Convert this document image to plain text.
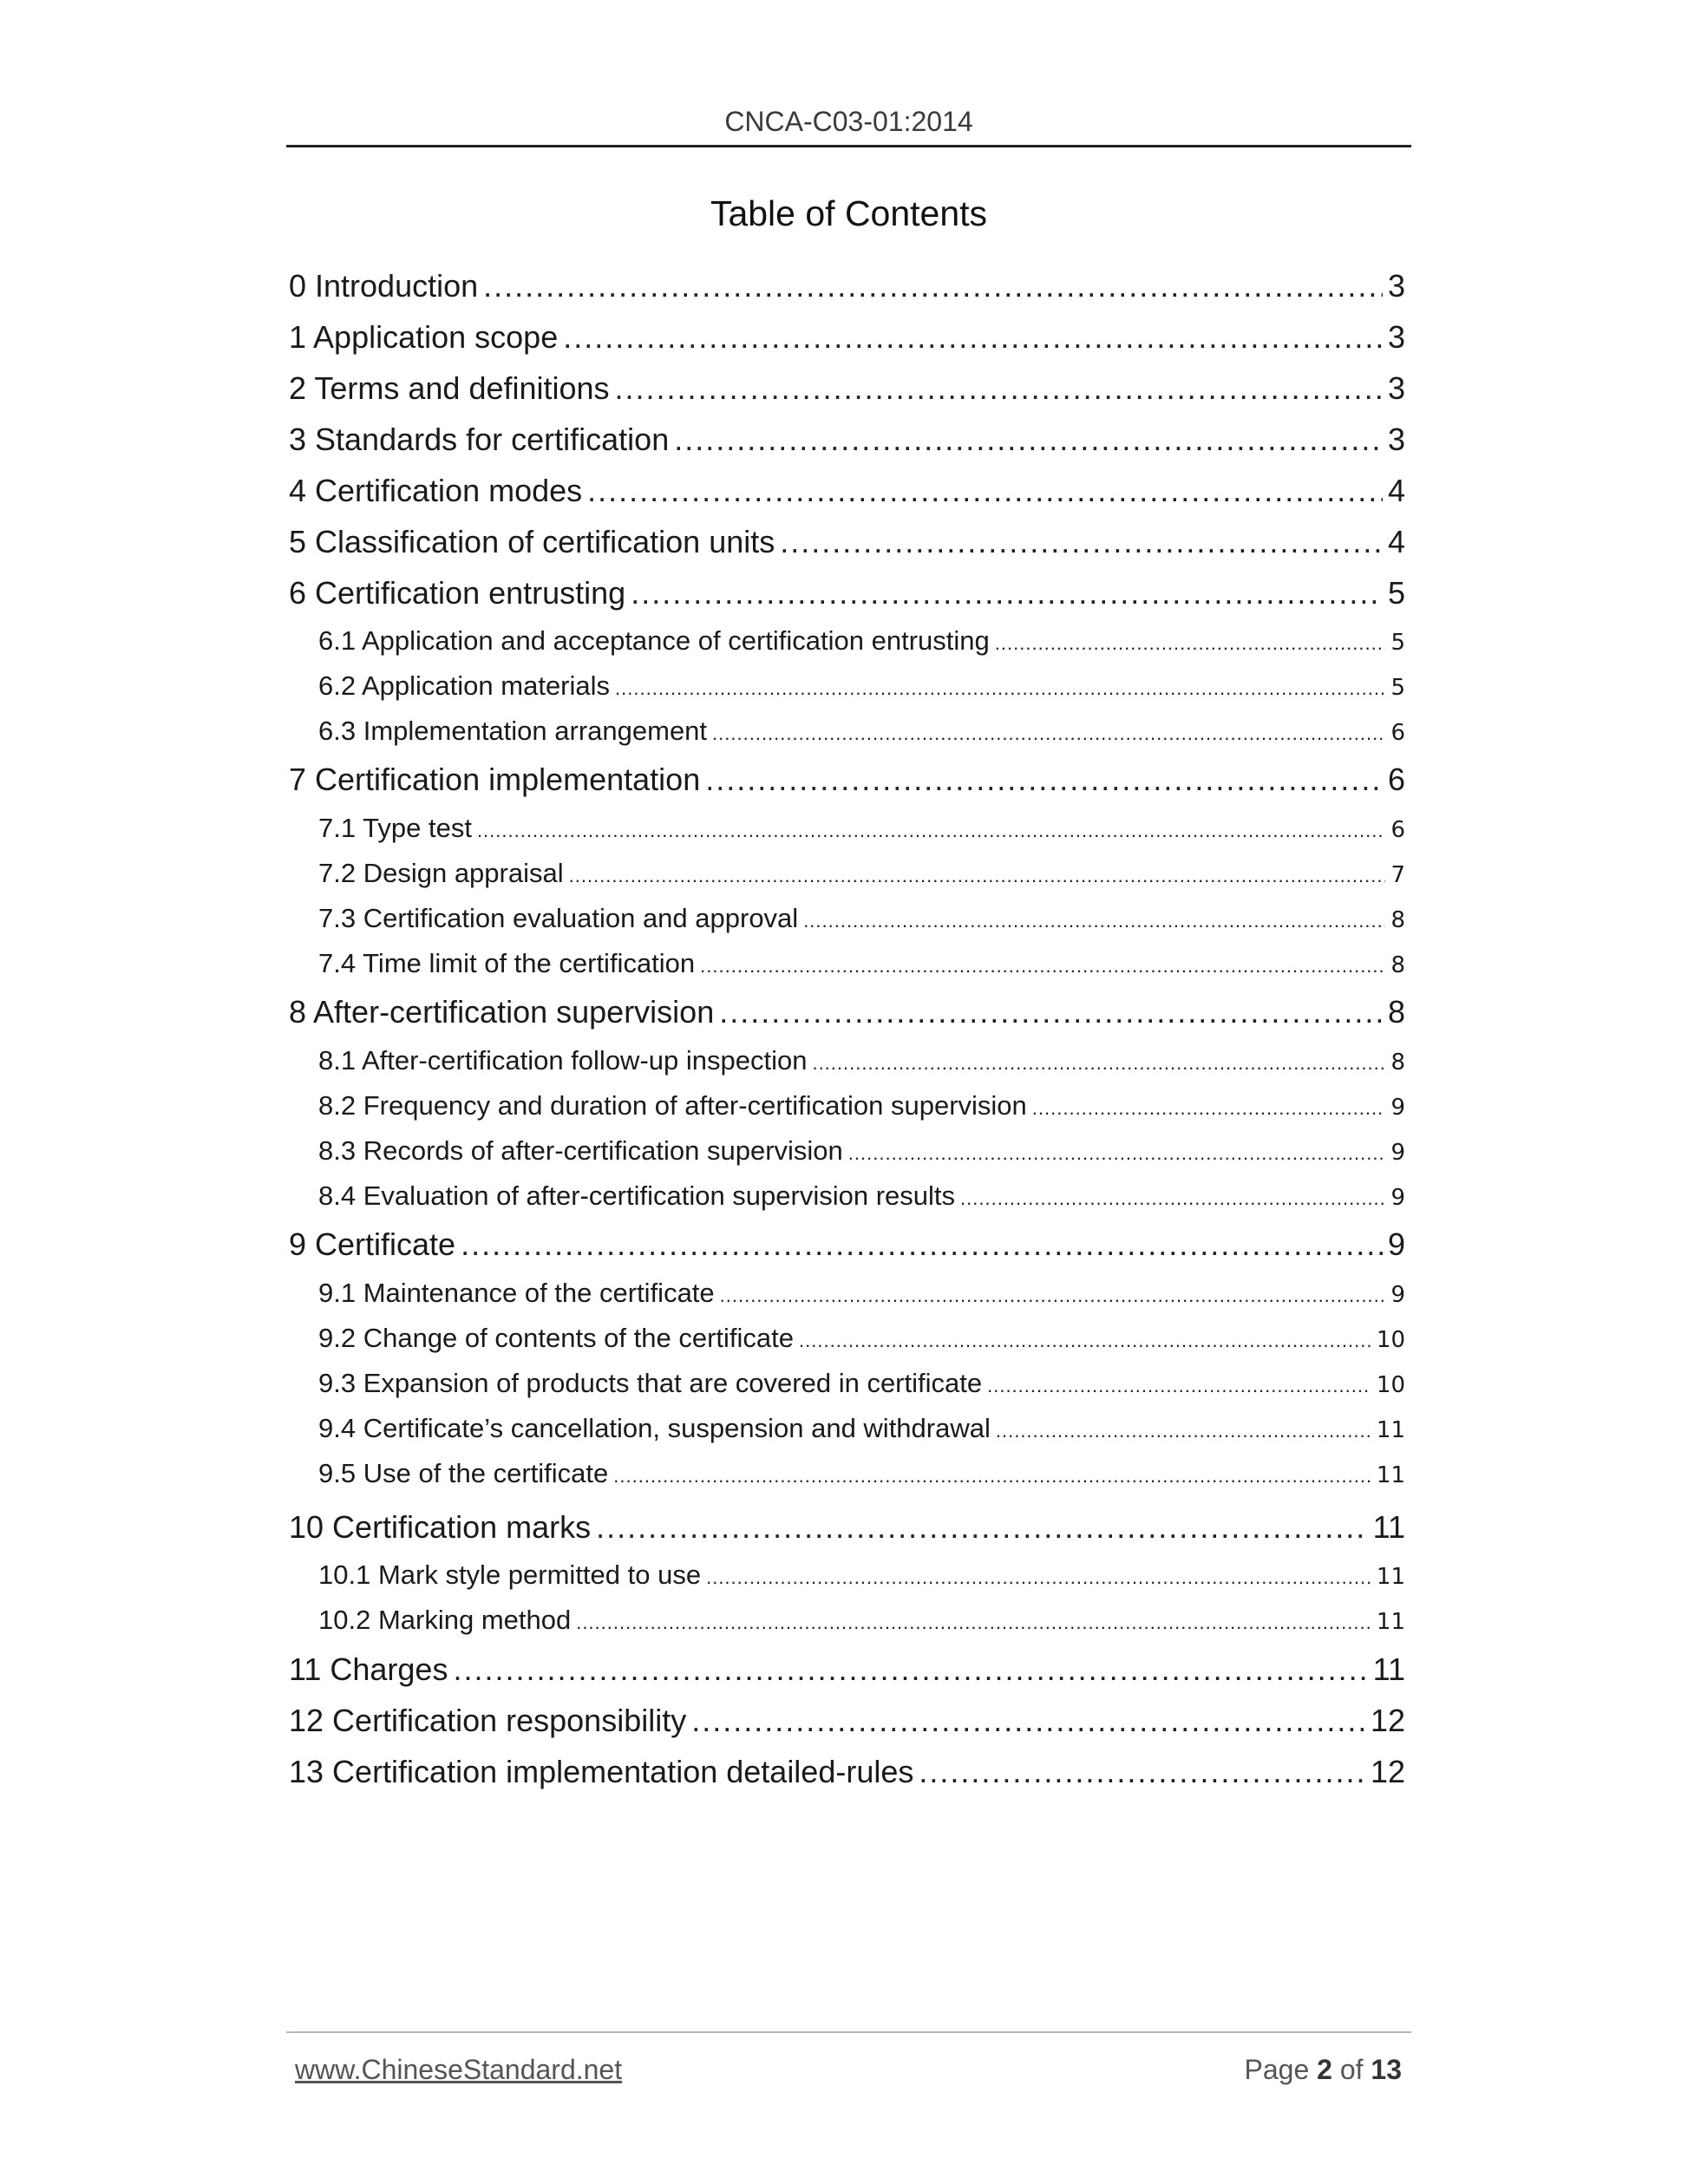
CNCA-C03-01:2014
Table of Contents
0 Introduction .....	3
1 Application scope .....	3
2 Terms and definitions .....	3
3 Standards for certification .....	3
4 Certification modes .....	4
5 Classification of certification units .....	4
6 Certification entrusting .....	5
6.1 Application and acceptance of certification entrusting .....	5
6.2 Application materials .....	5
6.3 Implementation arrangement .....	6
7 Certification implementation .....	6
7.1 Type test .....	6
7.2 Design appraisal .....	7
7.3 Certification evaluation and approval .....	8
7.4 Time limit of the certification .....	8
8 After-certification supervision .....	8
8.1 After-certification follow-up inspection .....	8
8.2 Frequency and duration of after-certification supervision .....	9
8.3 Records of after-certification supervision .....	9
8.4 Evaluation of after-certification supervision results .....	9
9 Certificate .....	9
9.1 Maintenance of the certificate .....	9
9.2 Change of contents of the certificate .....	10
9.3 Expansion of products that are covered in certificate .....	10
9.4 Certificate’s cancellation, suspension and withdrawal .....	11
9.5 Use of the certificate .....	11
10 Certification marks .....	11
10.1 Mark style permitted to use .....	11
10.2 Marking method .....	11
11 Charges .....	11
12 Certification responsibility .....	12
13 Certification implementation detailed-rules .....	12
www.ChineseStandard.net	Page 2 of 13
